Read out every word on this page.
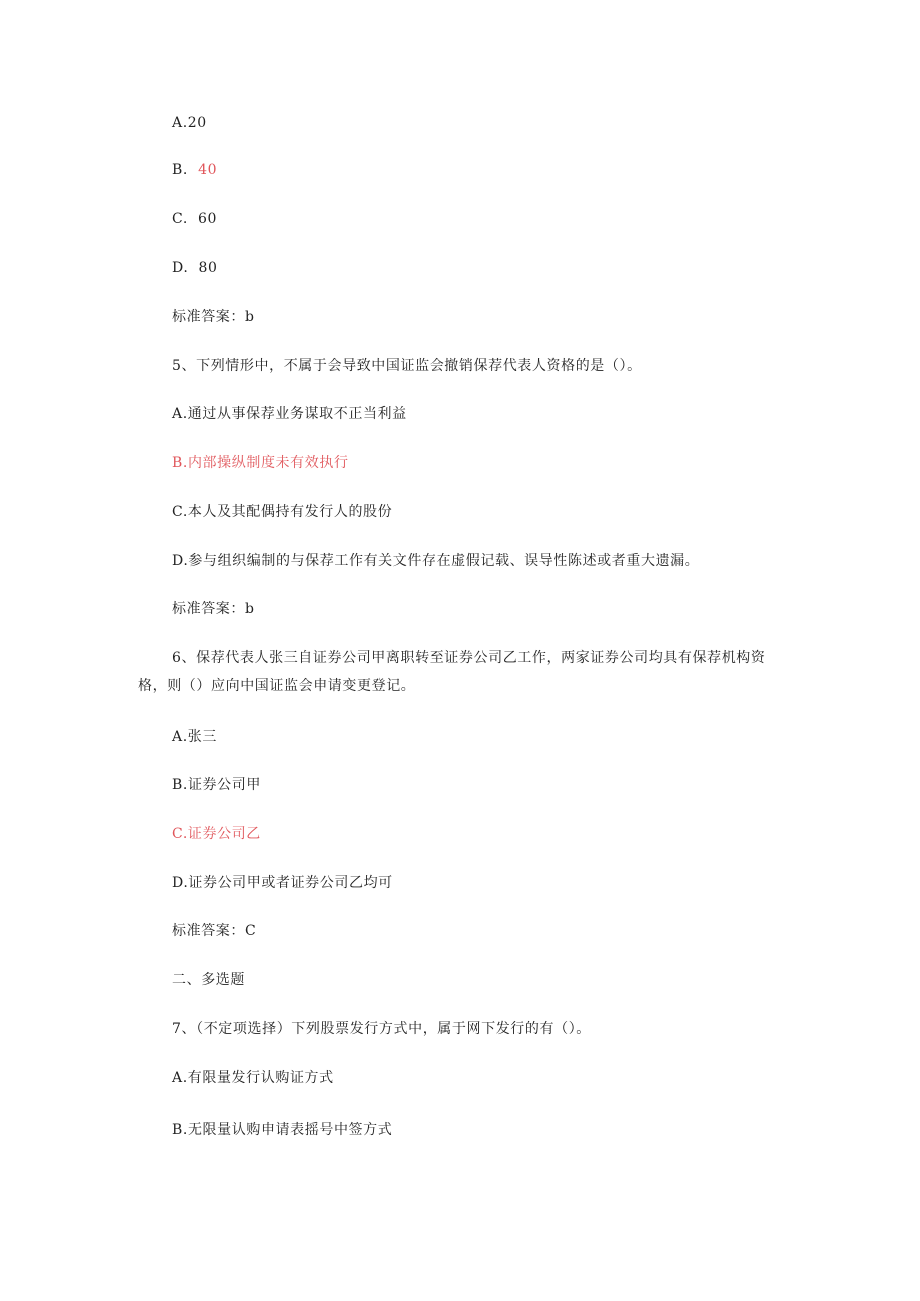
A.20
B. 40
C. 60
D. 80
标准答案：b
5、下列情形中，不属于会导致中国证监会撤销保荐代表人资格的是（）。
A.通过从事保荐业务谋取不正当利益
B.内部操纵制度未有效执行
C.本人及其配偶持有发行人的股份
D.参与组织编制的与保荐工作有关文件存在虚假记载、误导性陈述或者重大遗漏。
标准答案：b
6、保荐代表人张三自证券公司甲离职转至证券公司乙工作，两家证券公司均具有保荐机构资格，则（）应向中国证监会申请变更登记。
A.张三
B.证券公司甲
C.证券公司乙
D.证券公司甲或者证券公司乙均可
标准答案：C
二、多选题
7、（不定项选择）下列股票发行方式中，属于网下发行的有（）。
A.有限量发行认购证方式
B.无限量认购申请表摇号中签方式
